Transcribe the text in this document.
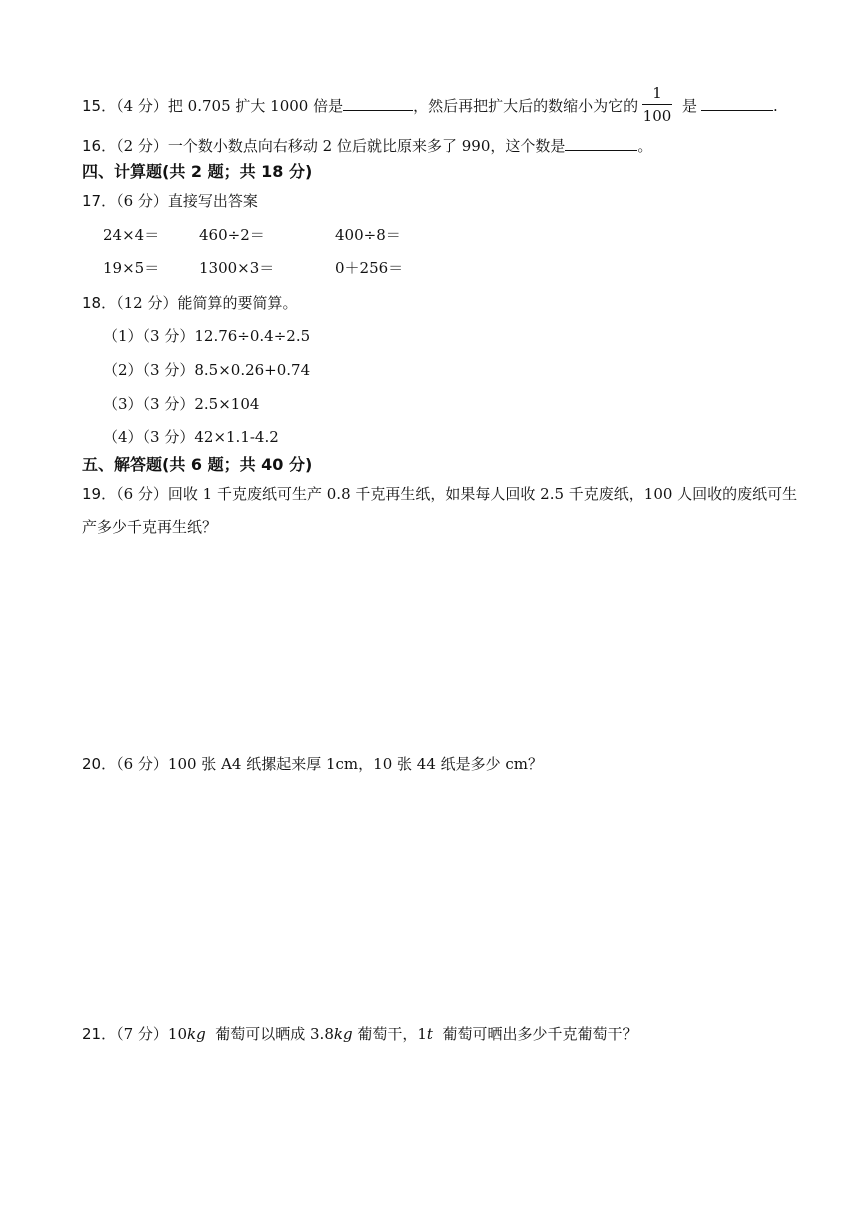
15．（4 分）把 0.705 扩大 1000 倍是	，然后再把扩大后的数缩小为它的
1
100
是	.
16．（2 分）一个数小数点向右移动 2 位后就比原来多了 990，这个数是	。
四、计算题(共 2 题；共 18 分)
17．（6 分）直接写出答案
24×4＝	460÷2＝	400÷8＝
19×5＝	1300×3＝	0＋256＝
18．（12 分）能简算的要简算。
（1）（3 分）12.76÷0.4÷2.5
（2）（3 分）8.5×0.26+0.74
（3）（3 分）2.5×104
（4）（3 分）42×1.1-4.2
五、解答题(共 6 题；共 40 分)
19．（6 分）回收 1 千克废纸可生产 0.8 千克再生纸，如果每人回收 2.5 千克废纸，100 人回收的废纸可生
产多少千克再生纸？
20．（6 分）100 张 A4 纸摞起来厚 1cm，10 张 44 纸是多少 cm？
21．（7 分）10kg 葡萄可以晒成 3.8kg 葡萄干，1t 葡萄可晒出多少千克葡萄干？
